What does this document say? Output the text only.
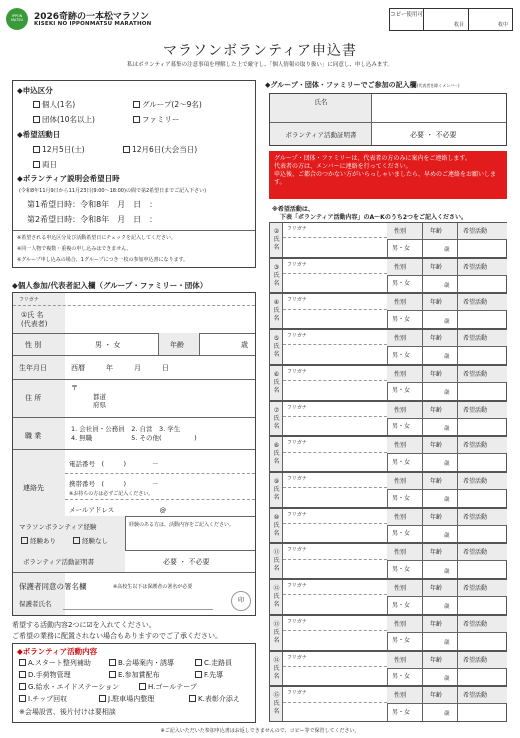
IPPON MATSU	2026奇跡の一本松マラソン
KISEKI NO IPPONMATSU MARATHON
コピー使用可
枚目	枚中
マラソンボランティア申込書
私はボランティア募集の注意事項を理解した上で厳守し、「個人情報の取り扱い」に同意し、申し込みます。
◆申込区分
個人(1名)	グループ(2～9名)
団体(10名以上)	ファミリー
◆希望活動日
12月5日(土)	12月6日(大会当日)
両日
◆ボランティア説明会希望日時
(令和8年11月9日から11月23日(9:00～18:00)の間で第2希望日までご記入下さい)
第1希望日時：令和8年　月　日　：
第2希望日時：令和8年　月　日　：
※希望される申込区分及び活動希望日にチェックを記入してください。
※同一人物で複数・重複の申し込みはできません。
※グループ申し込みの場合、1グループにつき一枚の参加申込書になります。
◆個人参加/代表者記入欄（グループ・ファミリー・団体）
フリガナ
①氏 名
(代表者)
性 別	男 ・ 女	年齢	歳
生年月日	西暦　　　年　　　月　　　日
住 所
〒
都道
府県
職 業
1. 会社員・公務員　2. 自営　3. 学生
4. 無職　　　　　　5. その他(　　　　　)
連絡先
電話番号　(　　　)　　　　－
携帯番号　(　　　)　　　　－
※お持ちの方は必ずご記入ください。
メールアドレス　　　　　　　@
マラソンボランティア経験
経験あり	経験なし
経験のある方は、活動内容をご記入ください。
ボランティア活動証明書	必要 ・ 不必要
保護者同意の署名欄	※高校生以下は保護者の署名が必要
保護者氏名	印
希望する活動内容2つに☑を入れてください。
ご希望の業務に配置されない場合もありますのでご了承ください。
◆ボランティア活動内容
A.スタート整列補助	B.会場案内・誘導	C.走路員
D.手荷物管理	E.参加賞配布	F.先導
G.給水・エイドステーション	H.ゴールテープ
I.チップ回収	J.駐車場内整理	K.表彰介添え
※会場設営、後片付けは要相談
◆グループ・団体・ファミリーでご参加の記入欄(代表者を除くメンバー)
氏名
ボランティア活動証明書	必要 ・ 不必要
グループ・団体・ファミリーは、代表者の方のみに案内をご連絡します。
代表者の方は、メンバーに連絡を行ってください。
申込後、ご都合のつかない方がいらっしゃいましたら、早めのご連絡をお願いします。
※希望活動は、
下表「ボランティア活動内容」のA～Kのうち2つをご記入ください。
②
氏名
フリガナ	性別	年齢	希望活動
男・女	歳
③
氏名
フリガナ	性別	年齢	希望活動
男・女	歳
④
氏名
フリガナ	性別	年齢	希望活動
男・女	歳
⑤
氏名
フリガナ	性別	年齢	希望活動
男・女	歳
⑥
氏名
フリガナ	性別	年齢	希望活動
男・女	歳
⑦
氏名
フリガナ	性別	年齢	希望活動
男・女	歳
⑧
氏名
フリガナ	性別	年齢	希望活動
男・女	歳
⑨
氏名
フリガナ	性別	年齢	希望活動
男・女	歳
⑩
氏名
フリガナ	性別	年齢	希望活動
男・女	歳
⑪
氏名
フリガナ	性別	年齢	希望活動
男・女	歳
⑫
氏名
フリガナ	性別	年齢	希望活動
男・女	歳
⑬
氏名
フリガナ	性別	年齢	希望活動
男・女	歳
⑭
氏名
フリガナ	性別	年齢	希望活動
男・女	歳
⑮
氏名
フリガナ	性別	年齢	希望活動
男・女	歳
※ご記入いただいた参加申込書はお返しできませんので、コピー等で保管してください。
